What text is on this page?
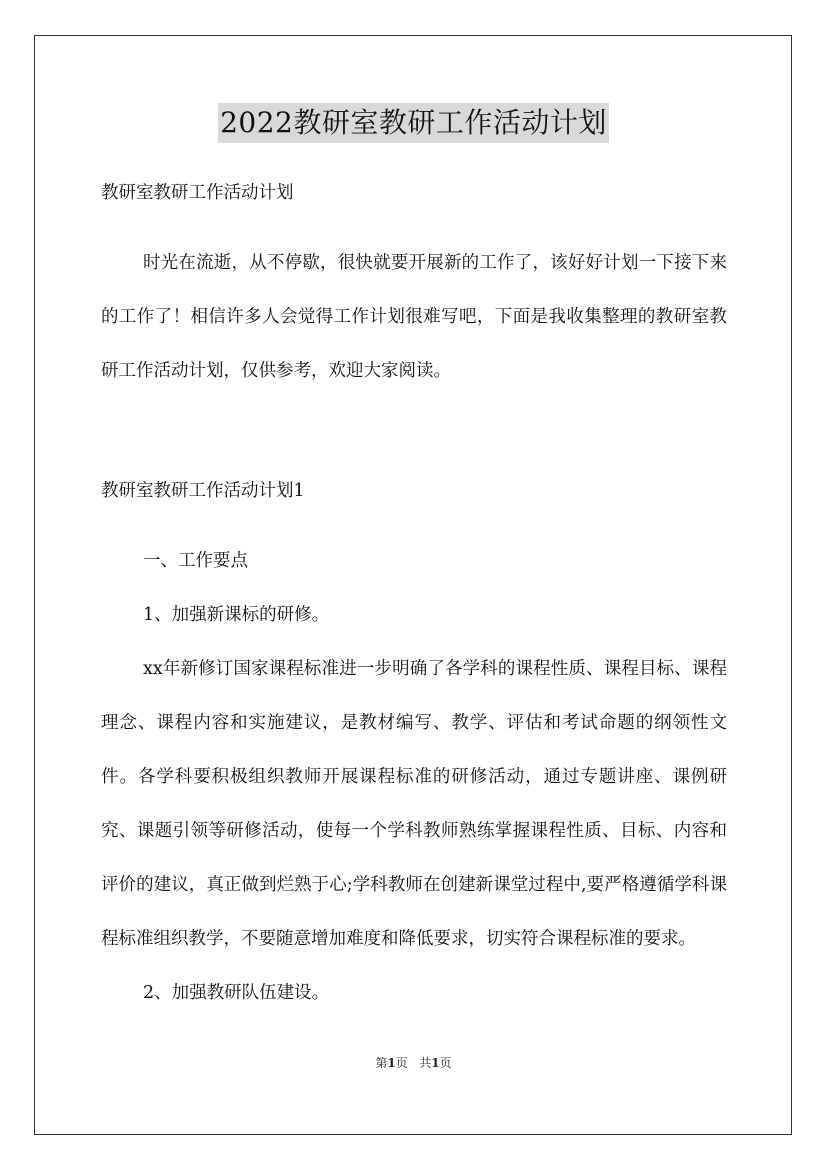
2022教研室教研工作活动计划

教研室教研工作活动计划

时光在流逝，从不停歇，很快就要开展新的工作了，该好好计划一下接下来的工作了！相信许多人会觉得工作计划很难写吧，下面是我收集整理的教研室教研工作活动计划，仅供参考，欢迎大家阅读。

教研室教研工作活动计划1

一、工作要点

1、加强新课标的研修。

xx年新修订国家课程标准进一步明确了各学科的课程性质、课程目标、课程理念、课程内容和实施建议，是教材编写、教学、评估和考试命题的纲领性文件。各学科要积极组织教师开展课程标准的研修活动，通过专题讲座、课例研究、课题引领等研修活动，使每一个学科教师熟练掌握课程性质、目标、内容和评价的建议，真正做到烂熟于心;学科教师在创建新课堂过程中,要严格遵循学科课程标准组织教学，不要随意增加难度和降低要求，切实符合课程标准的要求。

2、加强教研队伍建设。

第1页 共1页
